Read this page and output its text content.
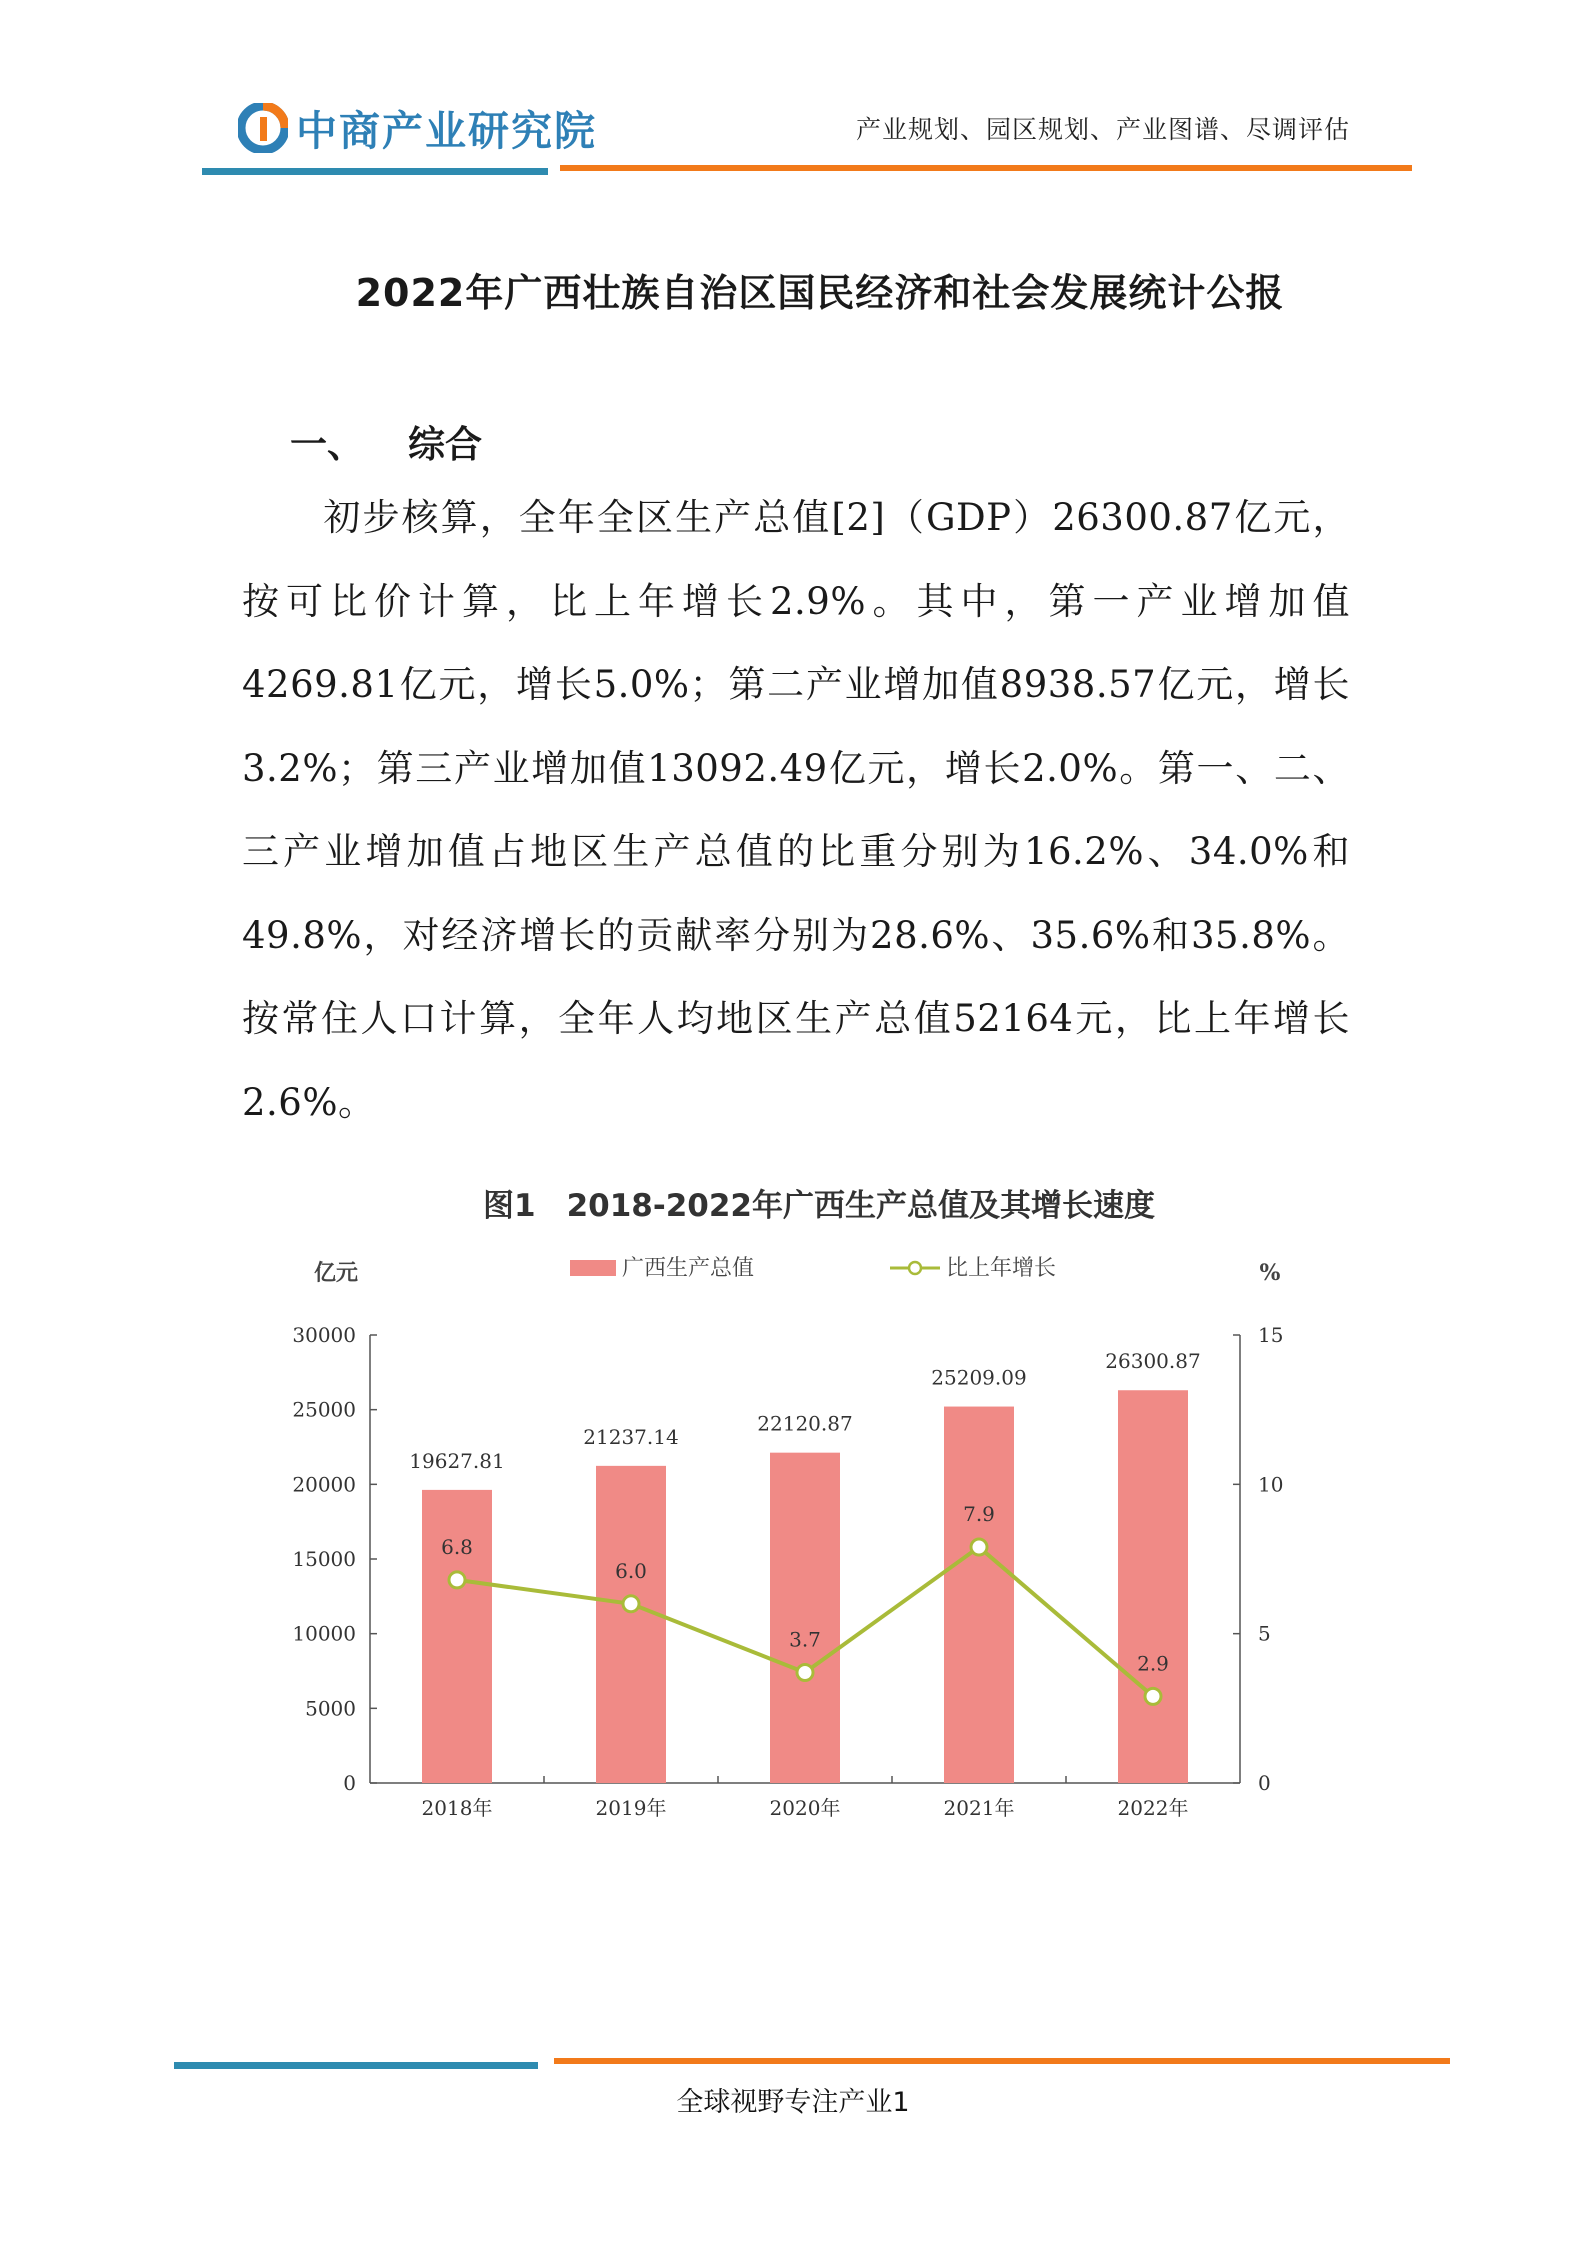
中商产业研究院	产业规划、园区规划、产业图谱、尽调评估
2022年广西壮族自治区国民经济和社会发展统计公报
一、 综合
初步核算，全年全区生产总值[2]（GDP）26300.87亿元，按可比价计算，比上年增长2.9%。其中，第一产业增加值4269.81亿元，增长5.0%；第二产业增加值8938.57亿元，增长3.2%；第三产业增加值13092.49亿元，增长2.0%。第一、二、三产业增加值占地区生产总值的比重分别为16.2%、34.0%和49.8%，对经济增长的贡献率分别为28.6%、35.6%和35.8%。按常住人口计算，全年人均地区生产总值52164元，比上年增长2.6%。
图1　2018-2022年广西生产总值及其增长速度
0
5000
10000
15000
20000
25000
30000
0
5
10
15
亿元	%
广西生产总值	比上年增长
19627.81
21237.14
22120.87
25209.09
26300.87
2018年	2019年	2020年	2021年	2022年
6.8
6.0
3.7
7.9
2.9
全球视野专注产业1
